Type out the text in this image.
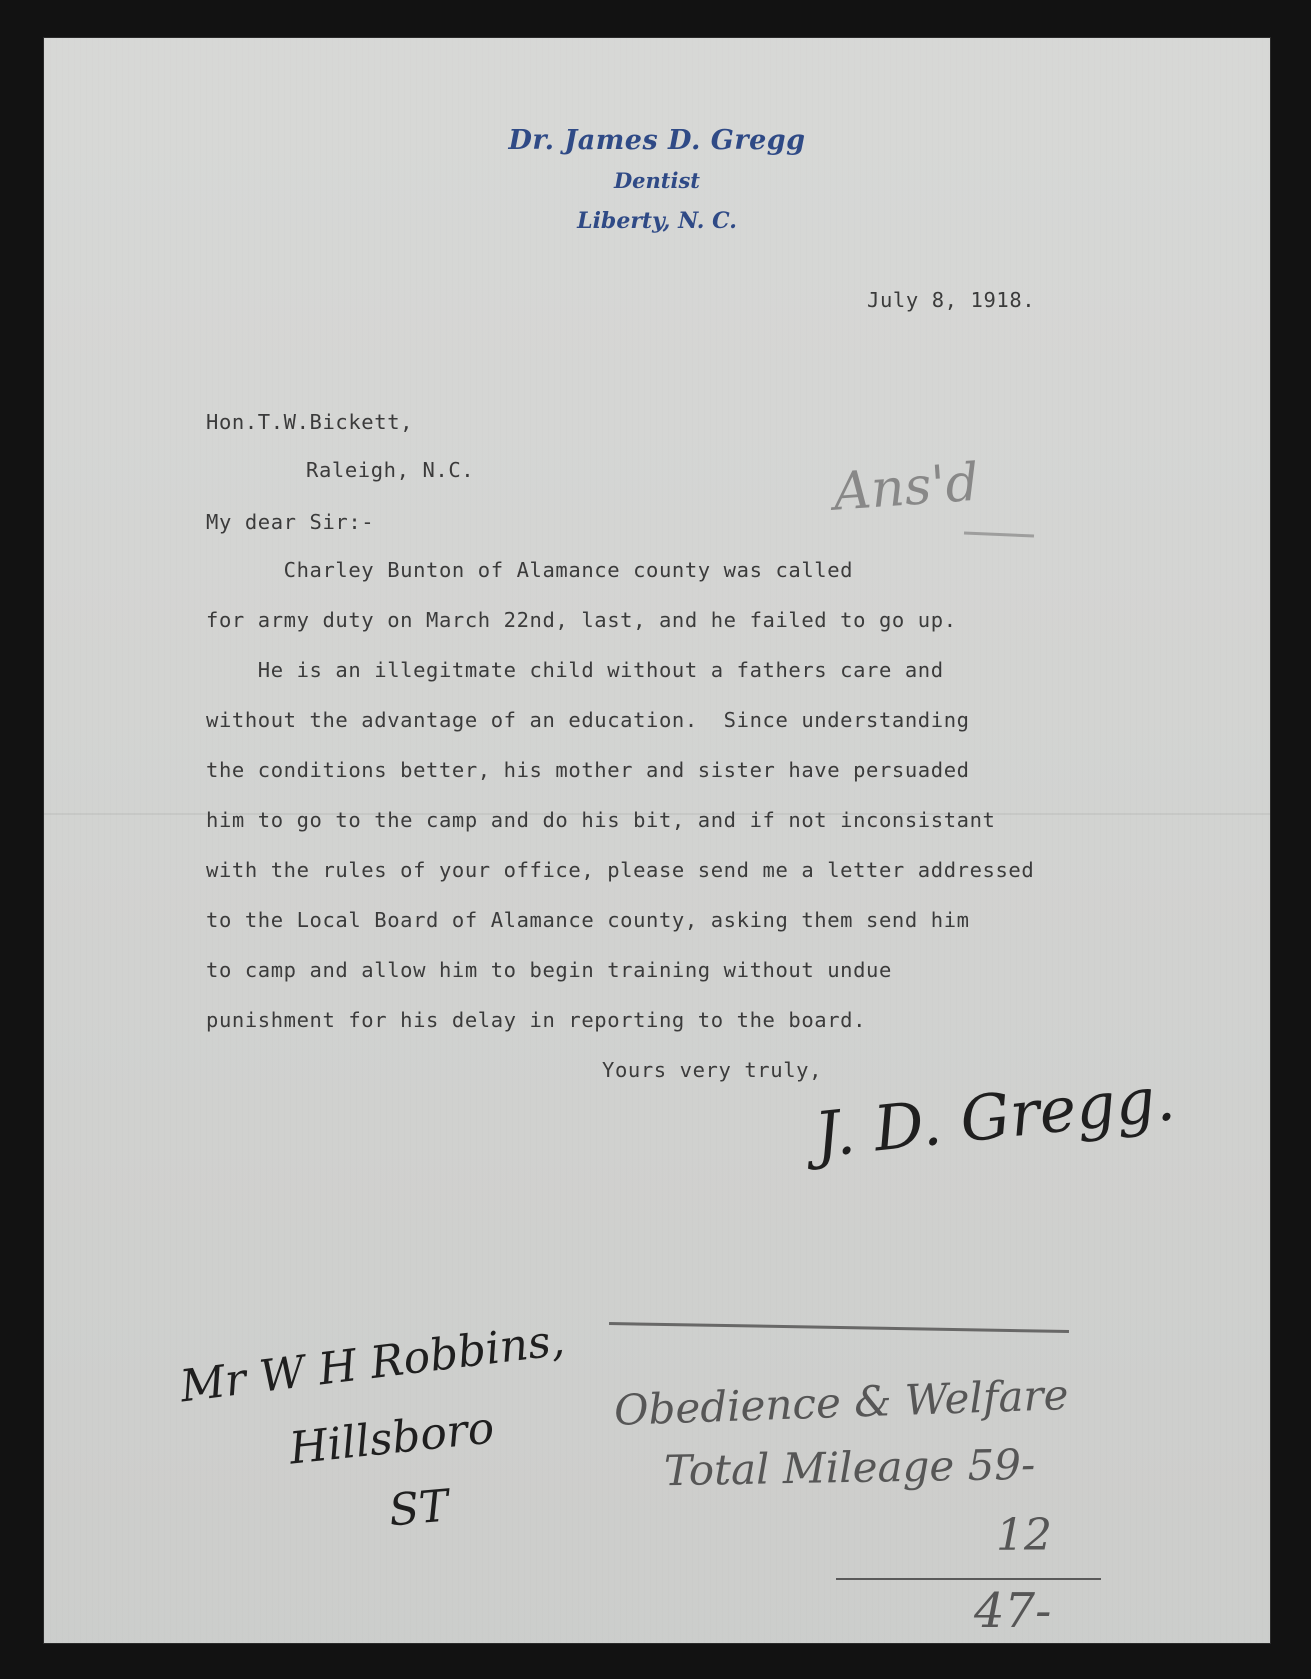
Dr. James D. Gregg
Dentist
Liberty, N. C.
July 8, 1918.
Hon.T.W.Bickett,
Raleigh, N.C.	Ans'd
My dear Sir:-
Charley Bunton of Alamance county was called
for army duty on March 22nd, last, and he failed to go up.
He is an illegitmate child without a fathers care and
without the advantage of an education.  Since understanding
the conditions better, his mother and sister have persuaded
him to go to the camp and do his bit, and if not inconsistant
with the rules of your office, please send me a letter addressed
to the Local Board of Alamance county, asking them send him
to camp and allow him to begin training without undue
punishment for his delay in reporting to the board.
Yours very truly,
J. D. Gregg.
Mr W H Robbins,
Hillsboro
ST
Obedience & Welfare
Total Mileage 59-
12
47-
